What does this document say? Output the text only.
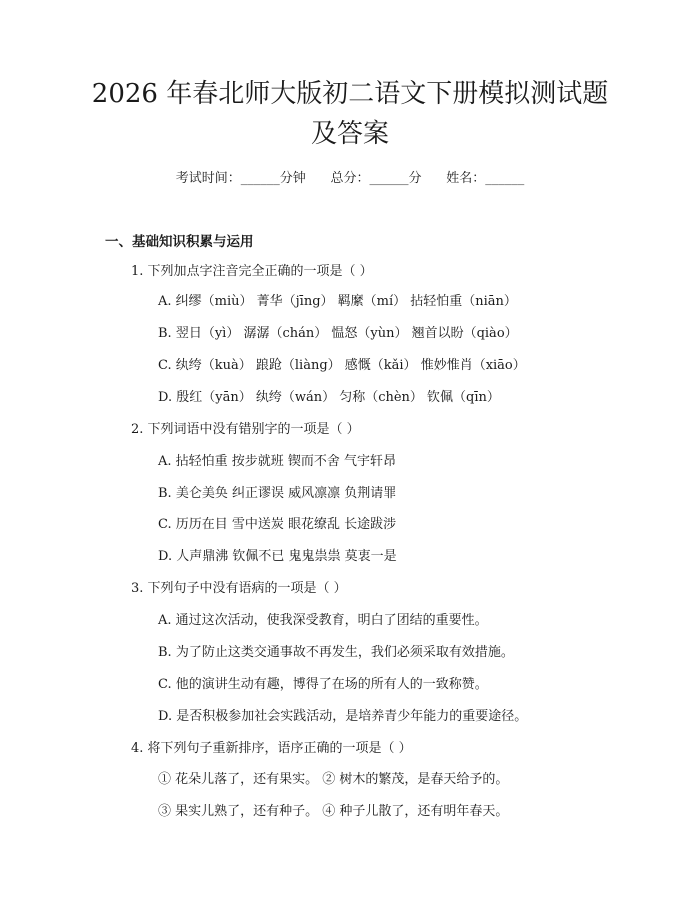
2026 年春北师大版初二语文下册模拟测试题
及答案
考试时间：______分钟      总分：______分      姓名：______
一、基础知识积累与运用
1. 下列加点字注音完全正确的一项是（ ）
A. 纠缪（miù） 菁华（jīng） 羁縻（mí） 拈轻怕重（niān）
B. 翌日（yì） 潺潺（chán） 愠怒（yùn） 翘首以盼（qiào）
C. 纨绔（kuà） 踉跄（liàng） 感慨（kǎi） 惟妙惟肖（xiāo）
D. 殷红（yān） 纨绔（wán） 匀称（chèn） 钦佩（qīn）
2. 下列词语中没有错别字的一项是（ ）
A. 拈轻怕重 按步就班 锲而不舍 气宇轩昂
B. 美仑美奂 纠正谬误 威风凛凛 负荆请罪
C. 历历在目 雪中送炭 眼花缭乱 长途跋涉
D. 人声鼎沸 钦佩不已 鬼鬼祟祟 莫衷一是
3. 下列句子中没有语病的一项是（ ）
A. 通过这次活动，使我深受教育，明白了团结的重要性。
B. 为了防止这类交通事故不再发生，我们必须采取有效措施。
C. 他的演讲生动有趣，博得了在场的所有人的一致称赞。
D. 是否积极参加社会实践活动，是培养青少年能力的重要途径。
4. 将下列句子重新排序，语序正确的一项是（ ）
① 花朵儿落了，还有果实。 ② 树木的繁茂，是春天给予的。
③ 果实儿熟了，还有种子。 ④ 种子儿散了，还有明年春天。
